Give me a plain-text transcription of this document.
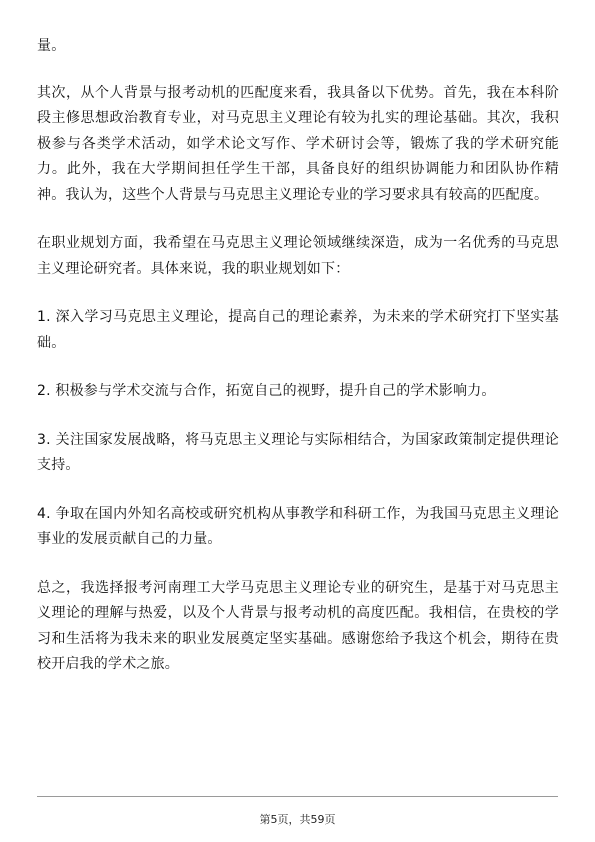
量。

其次，从个人背景与报考动机的匹配度来看，我具备以下优势。首先，我在本科阶段主修思想政治教育专业，对马克思主义理论有较为扎实的理论基础。其次，我积极参与各类学术活动，如学术论文写作、学术研讨会等，锻炼了我的学术研究能力。此外，我在大学期间担任学生干部，具备良好的组织协调能力和团队协作精神。我认为，这些个人背景与马克思主义理论专业的学习要求具有较高的匹配度。

在职业规划方面，我希望在马克思主义理论领域继续深造，成为一名优秀的马克思主义理论研究者。具体来说，我的职业规划如下：

1. 深入学习马克思主义理论，提高自己的理论素养，为未来的学术研究打下坚实基础。

2. 积极参与学术交流与合作，拓宽自己的视野，提升自己的学术影响力。

3. 关注国家发展战略，将马克思主义理论与实际相结合，为国家政策制定提供理论支持。

4. 争取在国内外知名高校或研究机构从事教学和科研工作，为我国马克思主义理论事业的发展贡献自己的力量。

总之，我选择报考河南理工大学马克思主义理论专业的研究生，是基于对马克思主义理论的理解与热爱，以及个人背景与报考动机的高度匹配。我相信，在贵校的学习和生活将为我未来的职业发展奠定坚实基础。感谢您给予我这个机会，期待在贵校开启我的学术之旅。

第5页，共59页
